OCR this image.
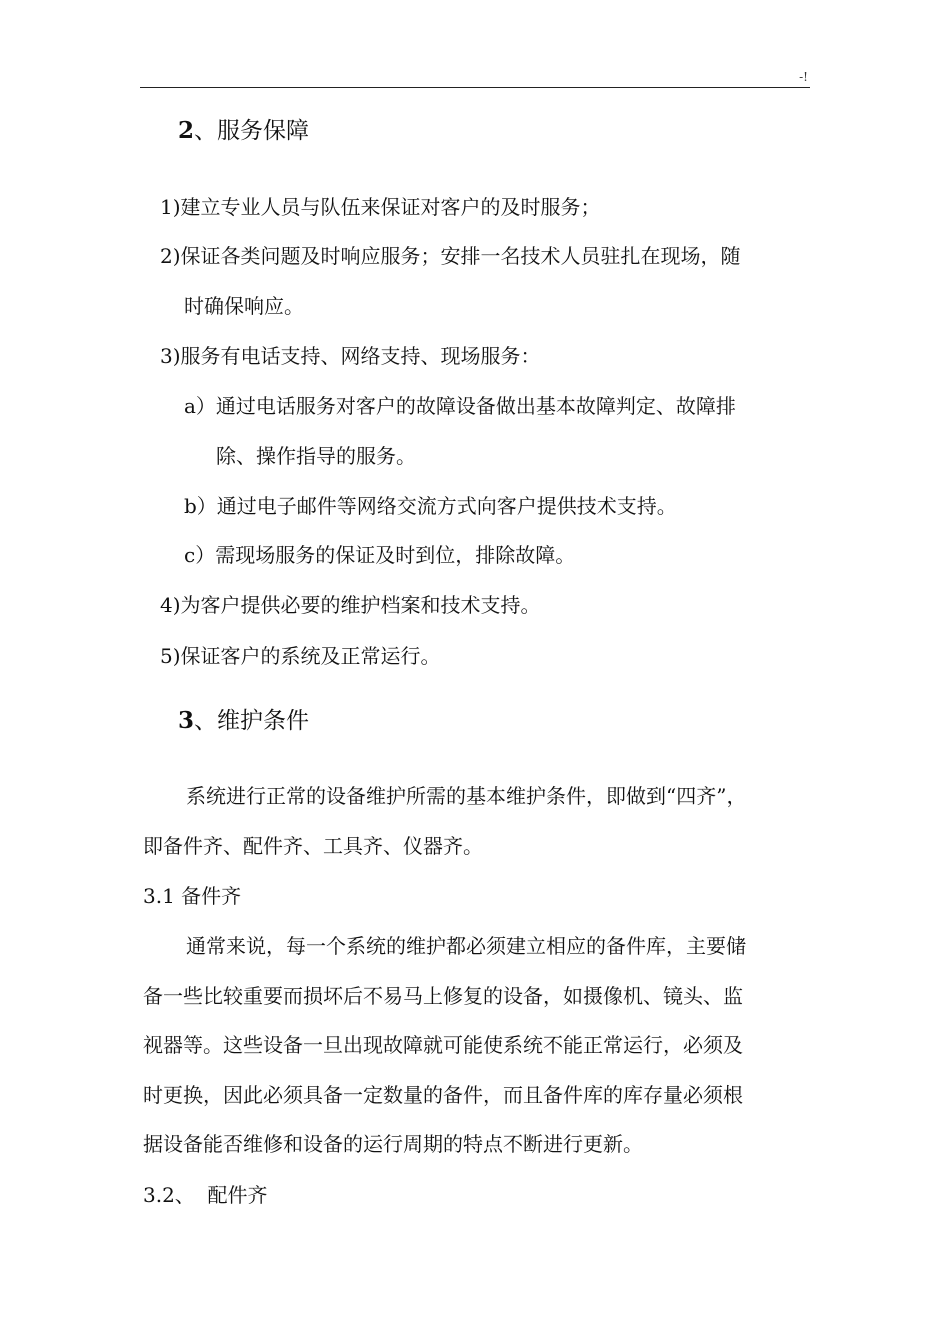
-!
2、服务保障
1)建立专业人员与队伍来保证对客户的及时服务；
2)保证各类问题及时响应服务；安排一名技术人员驻扎在现场，随
时确保响应。
3)服务有电话支持、网络支持、现场服务：
a）通过电话服务对客户的故障设备做出基本故障判定、故障排
除、操作指导的服务。
b）通过电子邮件等网络交流方式向客户提供技术支持。
c）需现场服务的保证及时到位，排除故障。
4)为客户提供必要的维护档案和技术支持。
5)保证客户的系统及正常运行。
3、维护条件
系统进行正常的设备维护所需的基本维护条件，即做到“四齐”，
即备件齐、配件齐、工具齐、仪器齐。
3.1 备件齐
通常来说，每一个系统的维护都必须建立相应的备件库，主要储
备一些比较重要而损坏后不易马上修复的设备，如摄像机、镜头、监
视器等。这些设备一旦出现故障就可能使系统不能正常运行，必须及
时更换，因此必须具备一定数量的备件，而且备件库的库存量必须根
据设备能否维修和设备的运行周期的特点不断进行更新。
3.2、  配件齐
